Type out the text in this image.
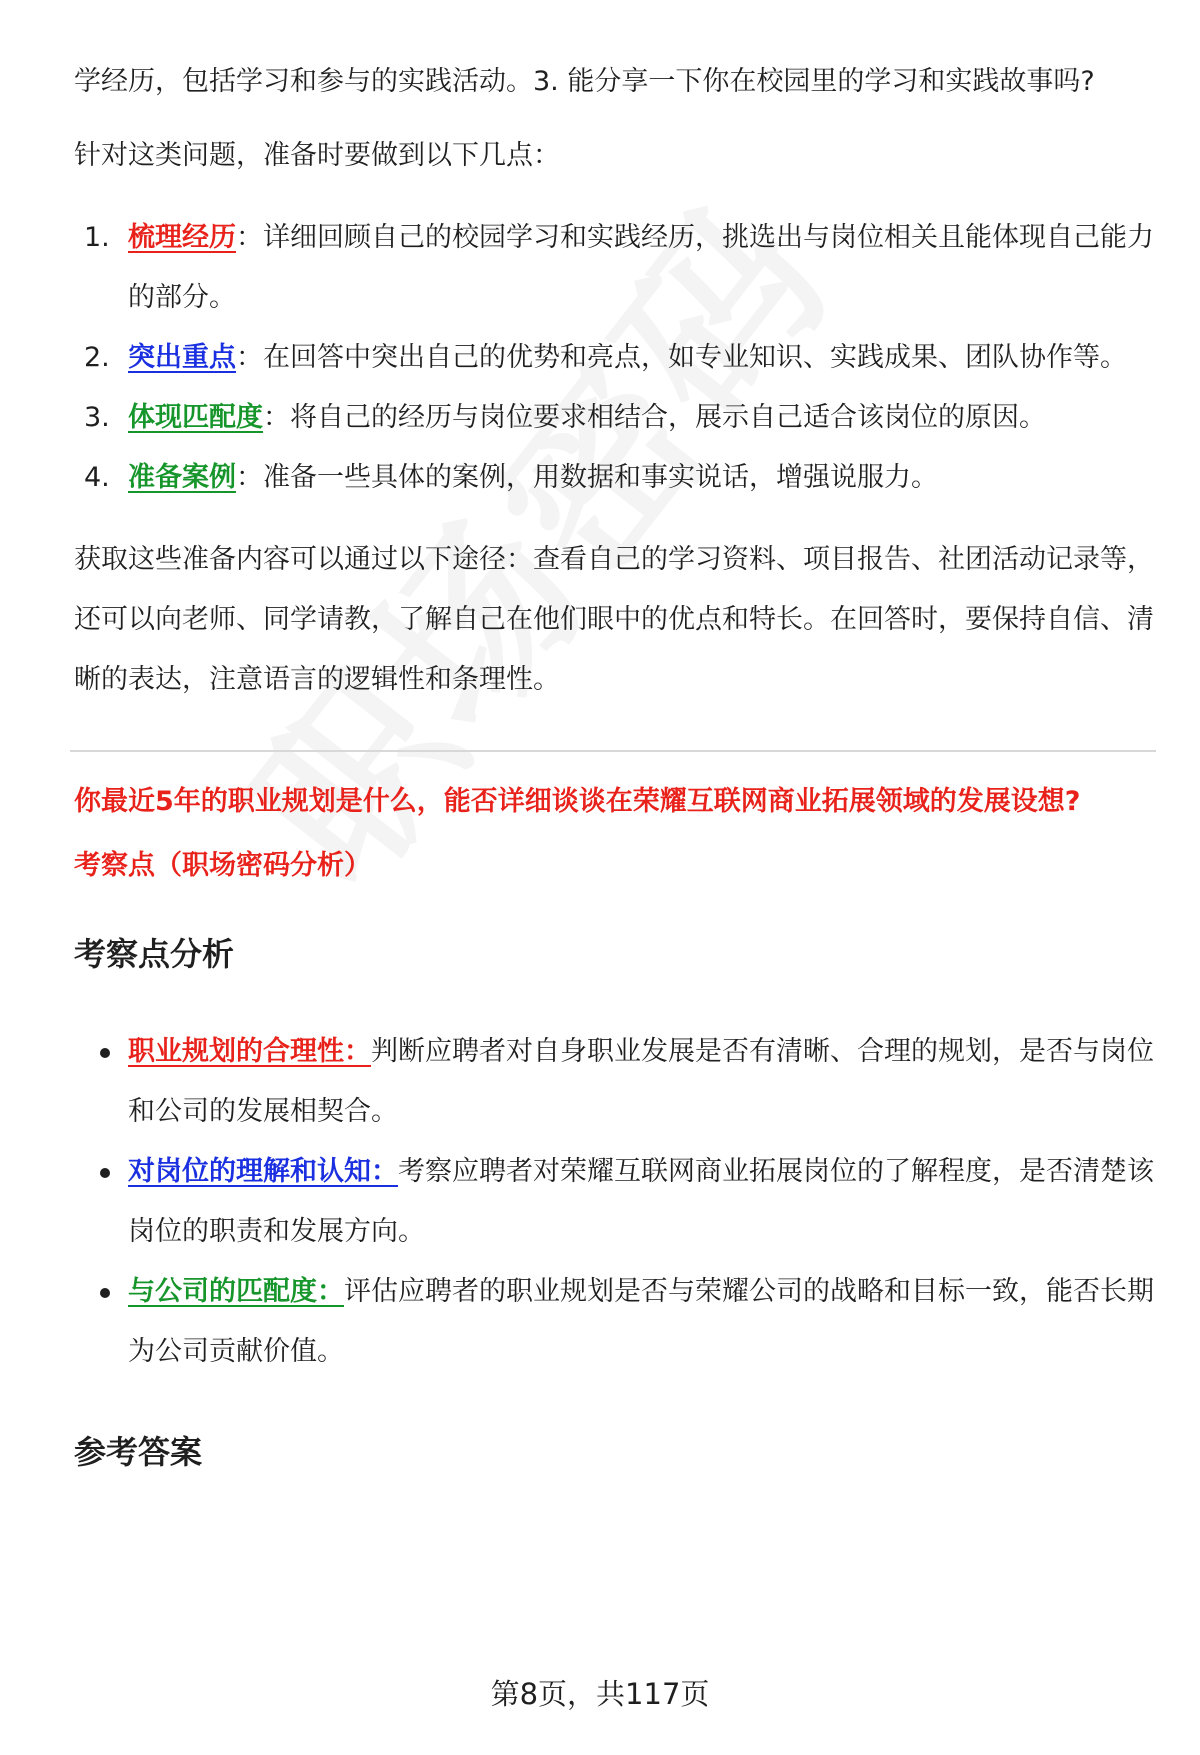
学经历，包括学习和参与的实践活动。3. 能分享一下你在校园里的学习和实践故事吗?

针对这类问题，准备时要做到以下几点：

1. 梳理经历：详细回顾自己的校园学习和实践经历，挑选出与岗位相关且能体现自己能力的部分。
2. 突出重点：在回答中突出自己的优势和亮点，如专业知识、实践成果、团队协作等。
3. 体现匹配度：将自己的经历与岗位要求相结合，展示自己适合该岗位的原因。
4. 准备案例：准备一些具体的案例，用数据和事实说话，增强说服力。

获取这些准备内容可以通过以下途径：查看自己的学习资料、项目报告、社团活动记录等，还可以向老师、同学请教，了解自己在他们眼中的优点和特长。在回答时，要保持自信、清晰的表达，注意语言的逻辑性和条理性。

你最近5年的职业规划是什么，能否详细谈谈在荣耀互联网商业拓展领域的发展设想?

考察点（职场密码分析）

考察点分析
职业规划的合理性：判断应聘者对自身职业发展是否有清晰、合理的规划，是否与岗位和公司的发展相契合。
对岗位的理解和认知：考察应聘者对荣耀互联网商业拓展岗位的了解程度，是否清楚该岗位的职责和发展方向。
与公司的匹配度：评估应聘者的职业规划是否与荣耀公司的战略和目标一致，能否长期为公司贡献价值。
参考答案
第8页，共117页
